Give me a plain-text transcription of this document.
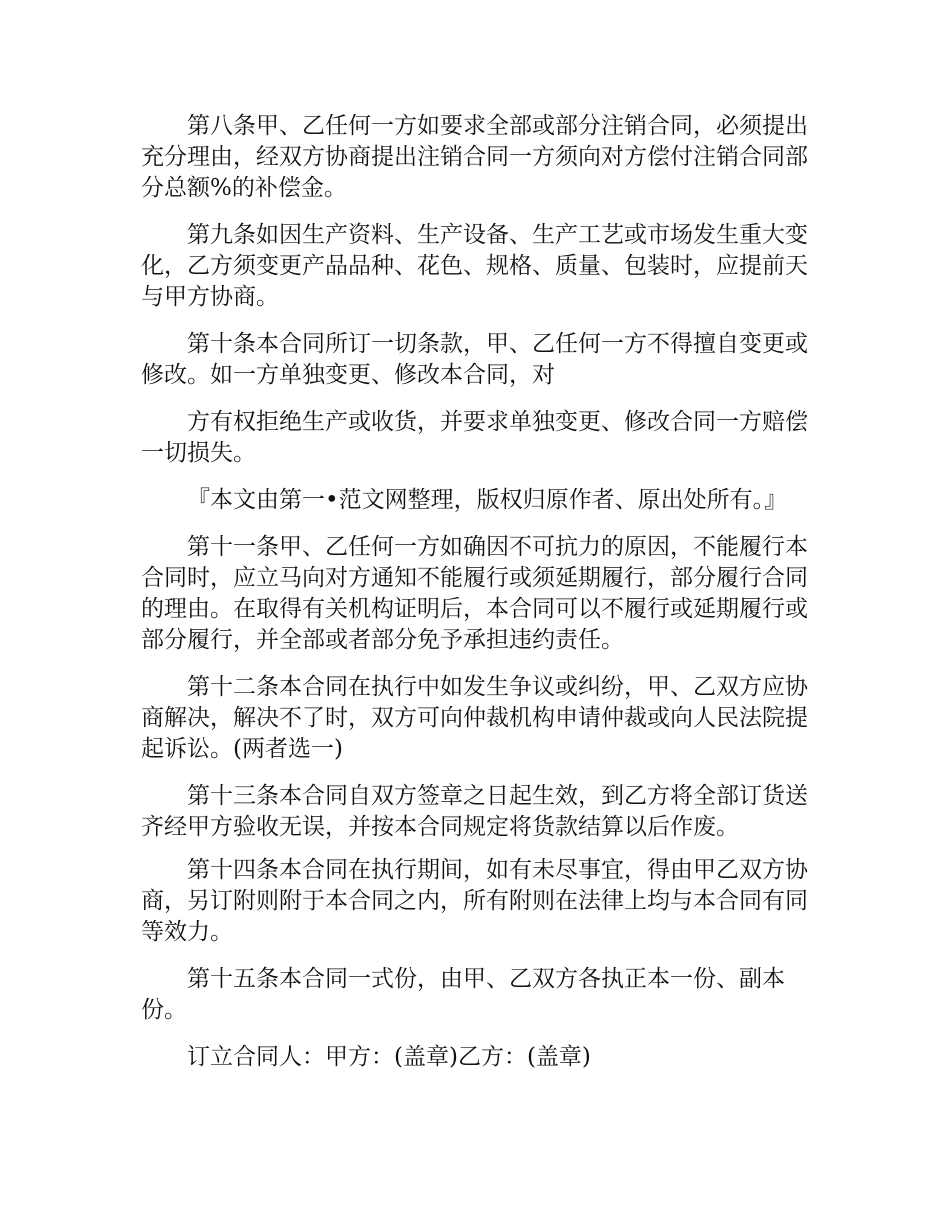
第八条甲、乙任何一方如要求全部或部分注销合同，必须提出充分理由，经双方协商提出注销合同一方须向对方偿付注销合同部分总额%的补偿金。

第九条如因生产资料、生产设备、生产工艺或市场发生重大变化，乙方须变更产品品种、花色、规格、质量、包装时，应提前天与甲方协商。

第十条本合同所订一切条款，甲、乙任何一方不得擅自变更或修改。如一方单独变更、修改本合同，对

方有权拒绝生产或收货，并要求单独变更、修改合同一方赔偿一切损失。

『本文由第一•范文网整理，版权归原作者、原出处所有。』

第十一条甲、乙任何一方如确因不可抗力的原因，不能履行本合同时，应立马向对方通知不能履行或须延期履行，部分履行合同的理由。在取得有关机构证明后，本合同可以不履行或延期履行或部分履行，并全部或者部分免予承担违约责任。

第十二条本合同在执行中如发生争议或纠纷，甲、乙双方应协商解决，解决不了时，双方可向仲裁机构申请仲裁或向人民法院提起诉讼。(两者选一)

第十三条本合同自双方签章之日起生效，到乙方将全部订货送齐经甲方验收无误，并按本合同规定将货款结算以后作废。

第十四条本合同在执行期间，如有未尽事宜，得由甲乙双方协商，另订附则附于本合同之内，所有附则在法律上均与本合同有同等效力。

第十五条本合同一式份，由甲、乙双方各执正本一份、副本份。

订立合同人：甲方：(盖章)乙方：(盖章)
